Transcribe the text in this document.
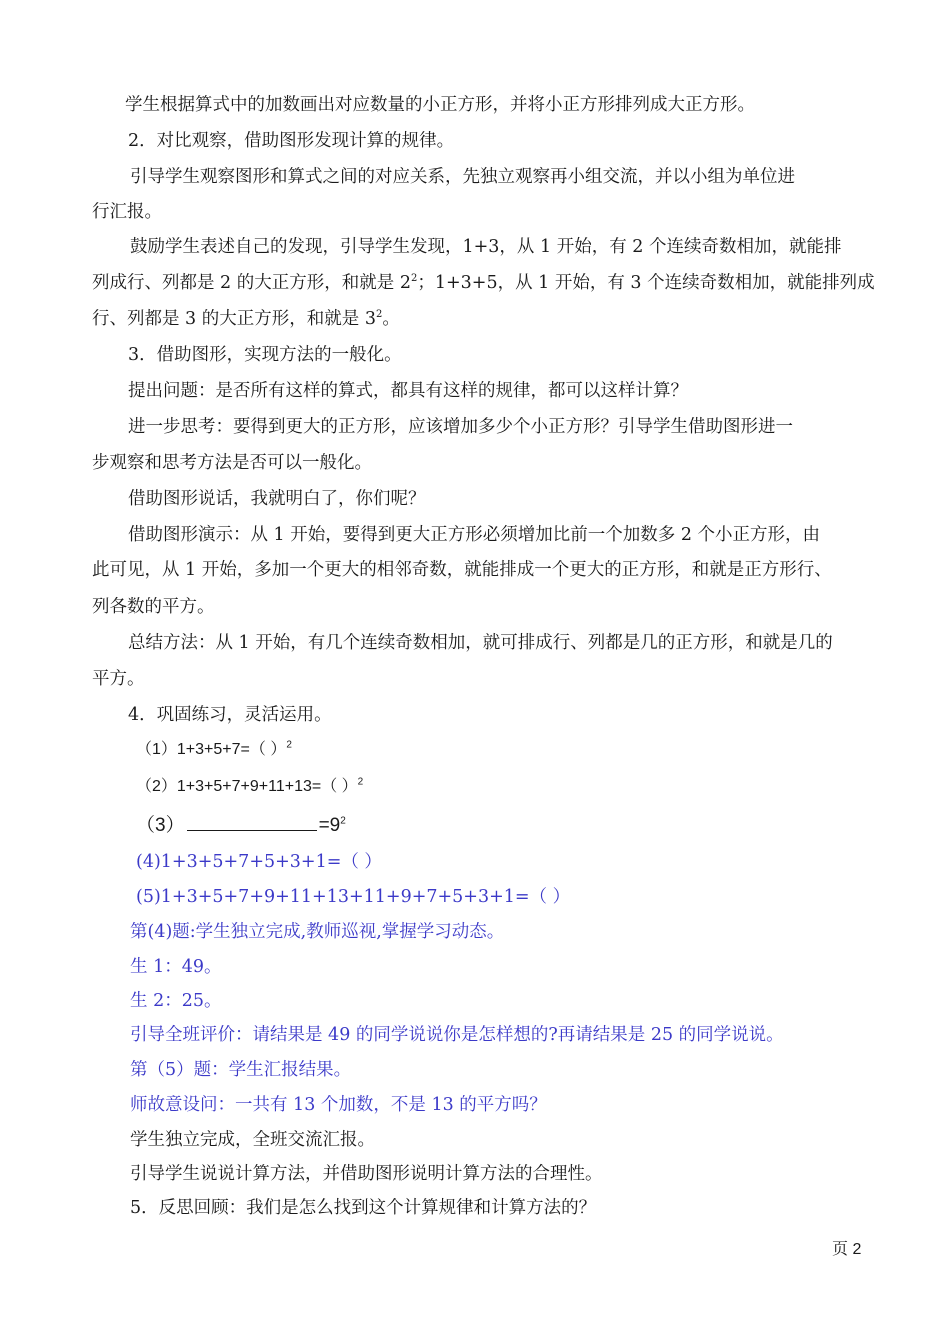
学生根据算式中的加数画出对应数量的小正方形，并将小正方形排列成大正方形。
2．对比观察，借助图形发现计算的规律。
引导学生观察图形和算式之间的对应关系，先独立观察再小组交流，并以小组为单位进
行汇报。
鼓励学生表述自己的发现，引导学生发现，1+3，从 1 开始，有 2 个连续奇数相加，就能排
列成行、列都是 2 的大正方形，和就是 $2^2$；1+3+5，从 1 开始，有 3 个连续奇数相加，就能排列成
行、列都是 3 的大正方形，和就是 $3^2$。
3．借助图形，实现方法的一般化。
提出问题：是否所有这样的算式，都具有这样的规律，都可以这样计算？
进一步思考：要得到更大的正方形，应该增加多少个小正方形？引导学生借助图形进一
步观察和思考方法是否可以一般化。
借助图形说话，我就明白了，你们呢？
借助图形演示：从 1 开始，要得到更大正方形必须增加比前一个加数多 2 个小正方形，由
此可见，从 1 开始，多加一个更大的相邻奇数，就能排成一个更大的正方形，和就是正方形行、
列各数的平方。
总结方法：从 1 开始，有几个连续奇数相加，就可排成行、列都是几的正方形，和就是几的
平方。
4．巩固练习，灵活运用。
（1）1+3+5+7=（ ）$^2$
（2）1+3+5+7+9+11+13=（ ）$^2$
（3）	$=9^2$
(4)1+3+5+7+5+3+1=（ ）
(5)1+3+5+7+9+11+13+11+9+7+5+3+1=（ ）
第(4)题:学生独立完成,教师巡视,掌握学习动态。
生 1：49。
生 2：25。
引导全班评价：请结果是 49 的同学说说你是怎样想的?再请结果是 25 的同学说说。
第（5）题：学生汇报结果。
师故意设问：一共有 13 个加数，不是 13 的平方吗？
学生独立完成，全班交流汇报。
引导学生说说计算方法，并借助图形说明计算方法的合理性。
5．反思回顾：我们是怎么找到这个计算规律和计算方法的？
页 2
